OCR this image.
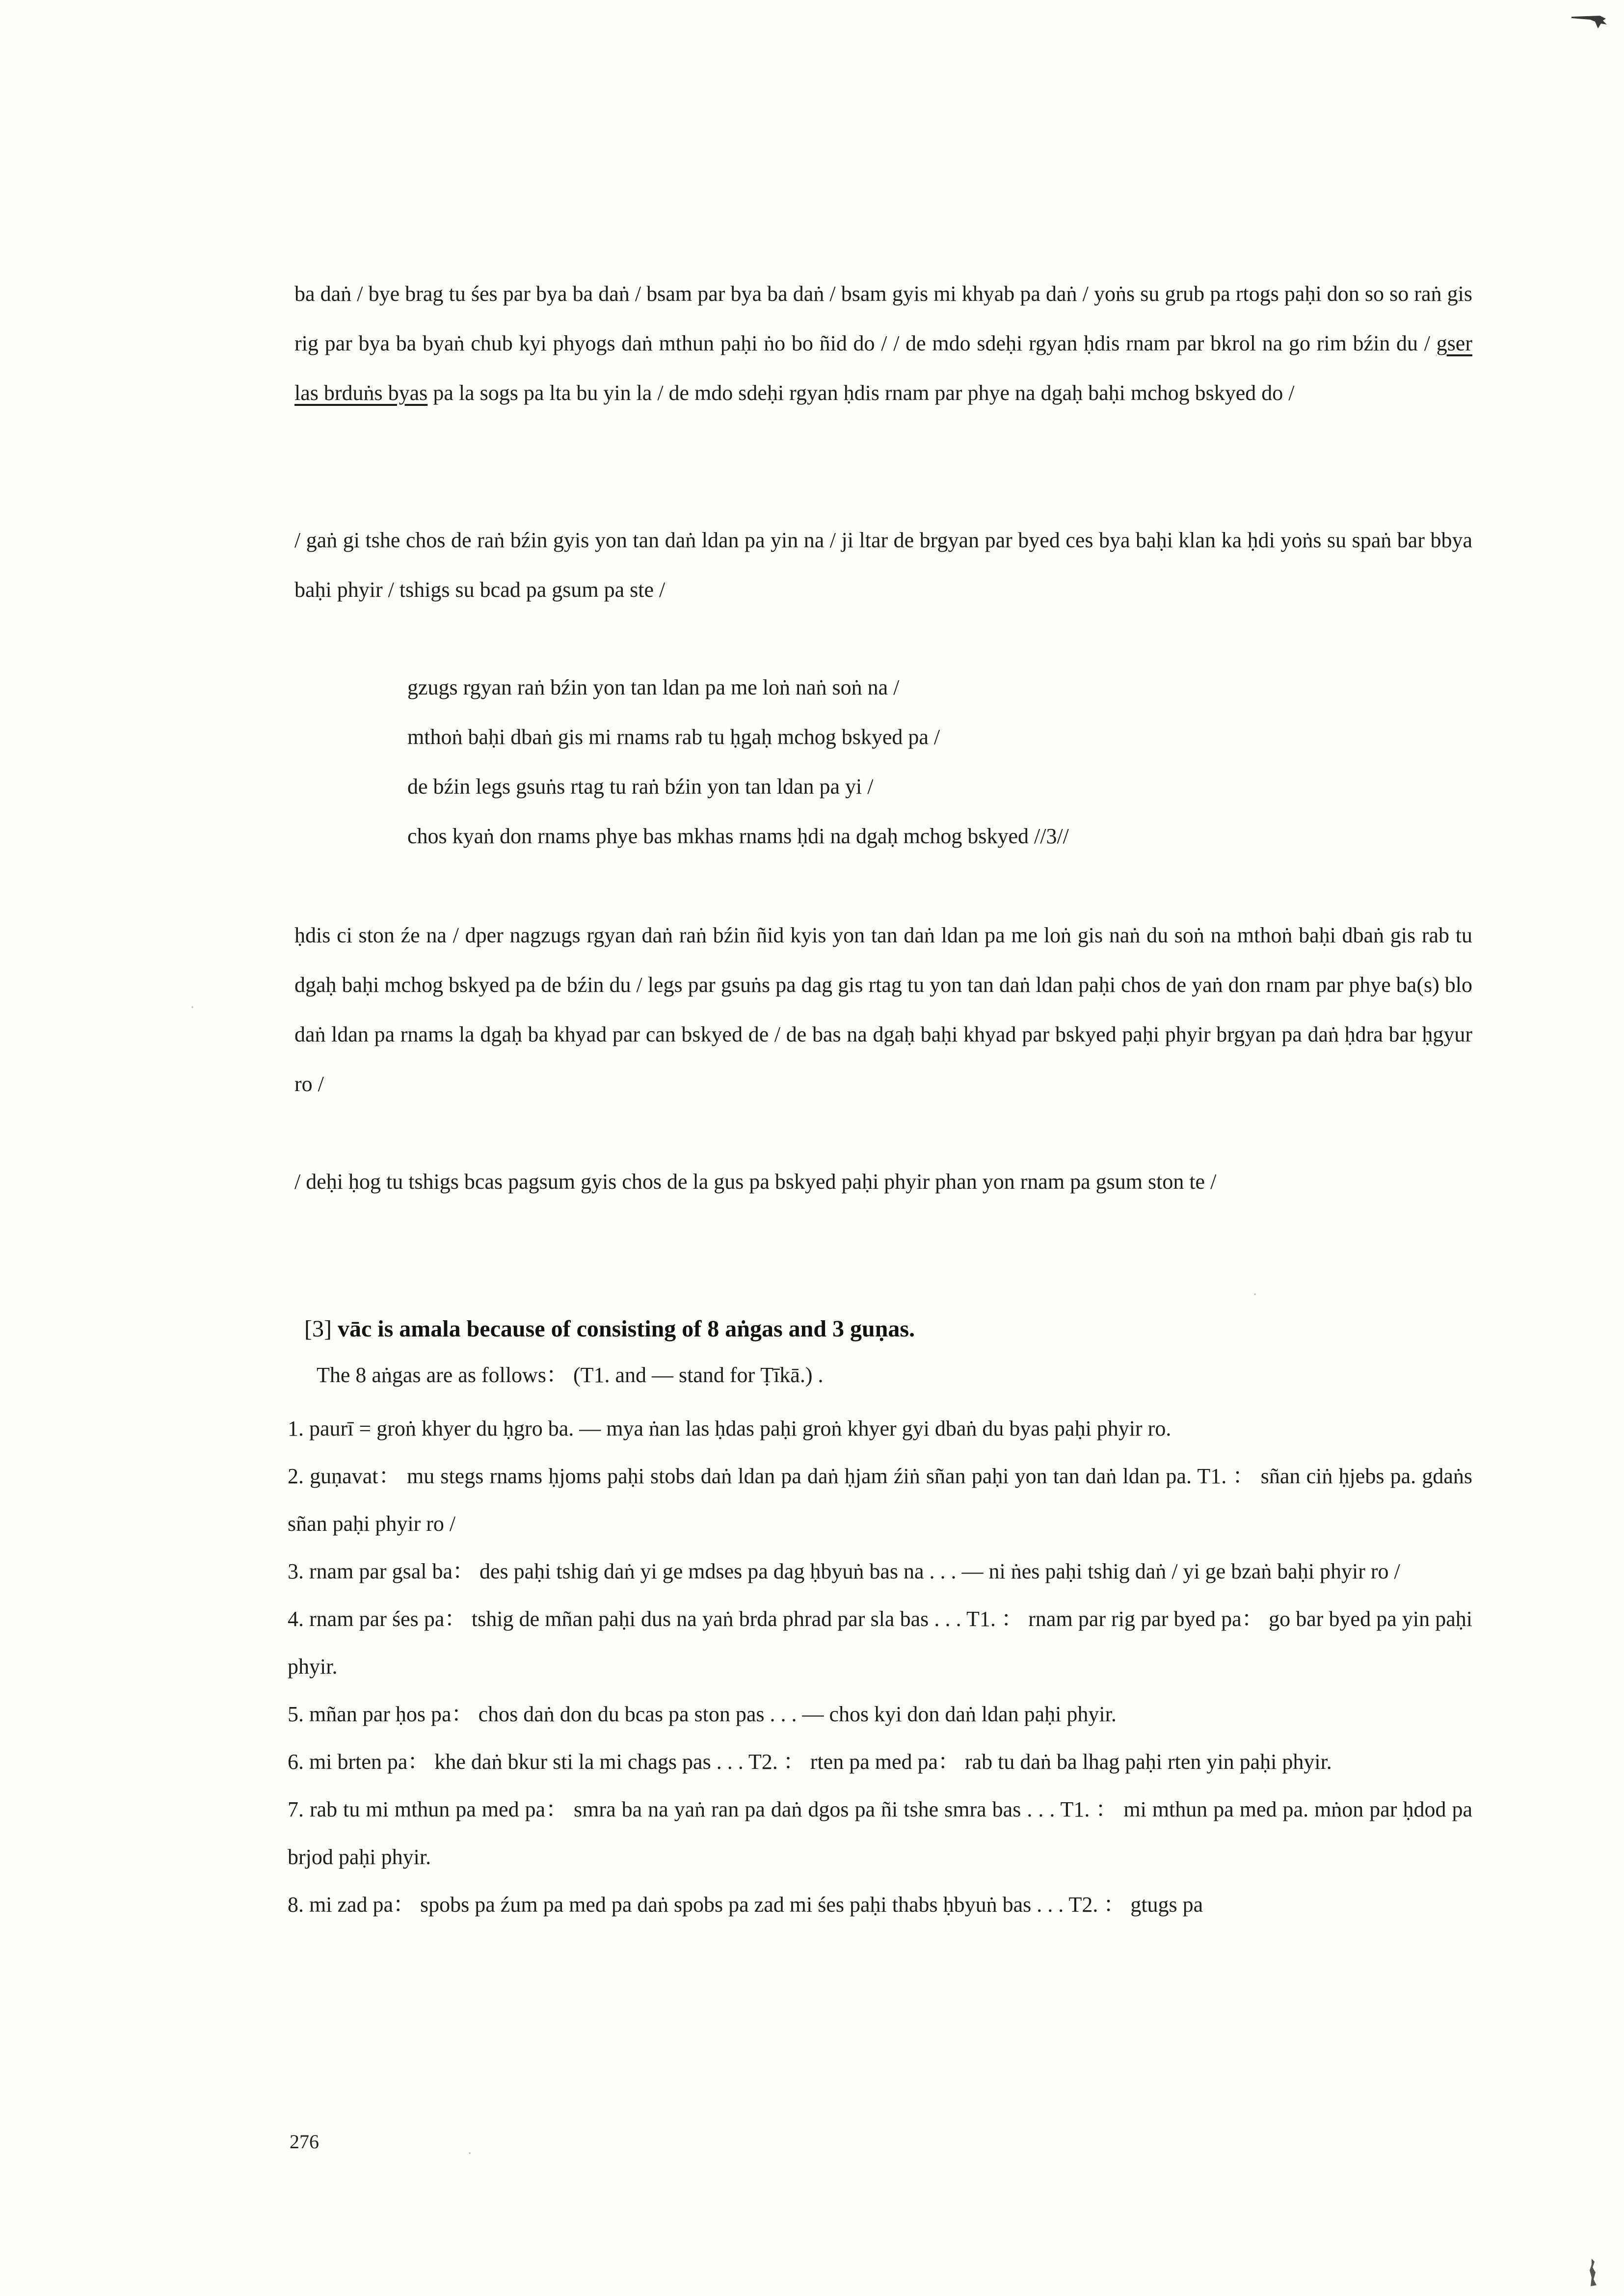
ba daṅ / bye brag tu śes par bya ba daṅ / bsam par bya ba daṅ / bsam gyis mi khyab pa daṅ / yoṅs su grub pa rtogs paḥi don so so raṅ gis rig par bya ba byaṅ chub kyi phyogs daṅ mthun paḥi ṅo bo ñid do / / de mdo sdeḥi rgyan ḥdis rnam par bkrol na go rim bźin du / gser las brduṅs byas pa la sogs pa lta bu yin la / de mdo sdeḥi rgyan ḥdis rnam par phye na dgaḥ baḥi mchog bskyed do /

/ gaṅ gi tshe chos de raṅ bźin gyis yon tan daṅ ldan pa yin na / ji ltar de brgyan par byed ces bya baḥi klan ka ḥdi yoṅs su spaṅ bar bbya baḥi phyir / tshigs su bcad pa gsum pa ste /

gzugs rgyan raṅ bźin yon tan ldan pa me loṅ naṅ soṅ na /
mthoṅ baḥi dbaṅ gis mi rnams rab tu ḥgaḥ mchog bskyed pa /
de bźin legs gsuṅs rtag tu raṅ bźin yon tan ldan pa yi /
chos kyaṅ don rnams phye bas mkhas rnams ḥdi na dgaḥ mchog bskyed //3//

ḥdis ci ston źe na / dper nagzugs rgyan daṅ raṅ bźin ñid kyis yon tan daṅ ldan pa me loṅ gis naṅ du soṅ na mthoṅ baḥi dbaṅ gis rab tu dgaḥ baḥi mchog bskyed pa de bźin du / legs par gsuṅs pa dag gis rtag tu yon tan daṅ ldan paḥi chos de yaṅ don rnam par phye ba(s) blo daṅ ldan pa rnams la dgaḥ ba khyad par can bskyed de / de bas na dgaḥ baḥi khyad par bskyed paḥi phyir brgyan pa daṅ ḥdra bar ḥgyur ro /

/ deḥi ḥog tu tshigs bcas pagsum gyis chos de la gus pa bskyed paḥi phyir phan yon rnam pa gsum ston te /

[3] vāc is amala because of consisting of 8 aṅgas and 3 guṇas.

The 8 aṅgas are as follows： (T1. and — stand for Ṭīkā.) .
1. paurī = groṅ khyer du ḥgro ba. — mya ṅan las ḥdas paḥi groṅ khyer gyi dbaṅ du byas paḥi phyir ro.
2. guṇavat： mu stegs rnams ḥjoms paḥi stobs daṅ ldan pa daṅ ḥjam źiṅ sñan paḥi yon tan daṅ ldan pa. T1. ： sñan ciṅ ḥjebs pa. gdaṅs sñan paḥi phyir ro /
3. rnam par gsal ba： des paḥi tshig daṅ yi ge mdses pa dag ḥbyuṅ bas na . . . — ni ṅes paḥi tshig daṅ / yi ge bzaṅ baḥi phyir ro /
4. rnam par śes pa： tshig de mñan paḥi dus na yaṅ brda phrad par sla bas . . . T1. ： rnam par rig par byed pa： go bar byed pa yin paḥi phyir.
5. mñan par ḥos pa： chos daṅ don du bcas pa ston pas . . . — chos kyi don daṅ ldan paḥi phyir.
6. mi brten pa： khe daṅ bkur sti la mi chags pas . . . T2. ： rten pa med pa： rab tu daṅ ba lhag paḥi rten yin paḥi phyir.
7. rab tu mi mthun pa med pa： smra ba na yaṅ ran pa daṅ dgos pa ñi tshe smra bas . . . T1. ： mi mthun pa med pa. mṅon par ḥdod pa brjod paḥi phyir.
8. mi zad pa： spobs pa źum pa med pa daṅ spobs pa zad mi śes paḥi thabs ḥbyuṅ bas . . . T2. ： gtugs pa
276
